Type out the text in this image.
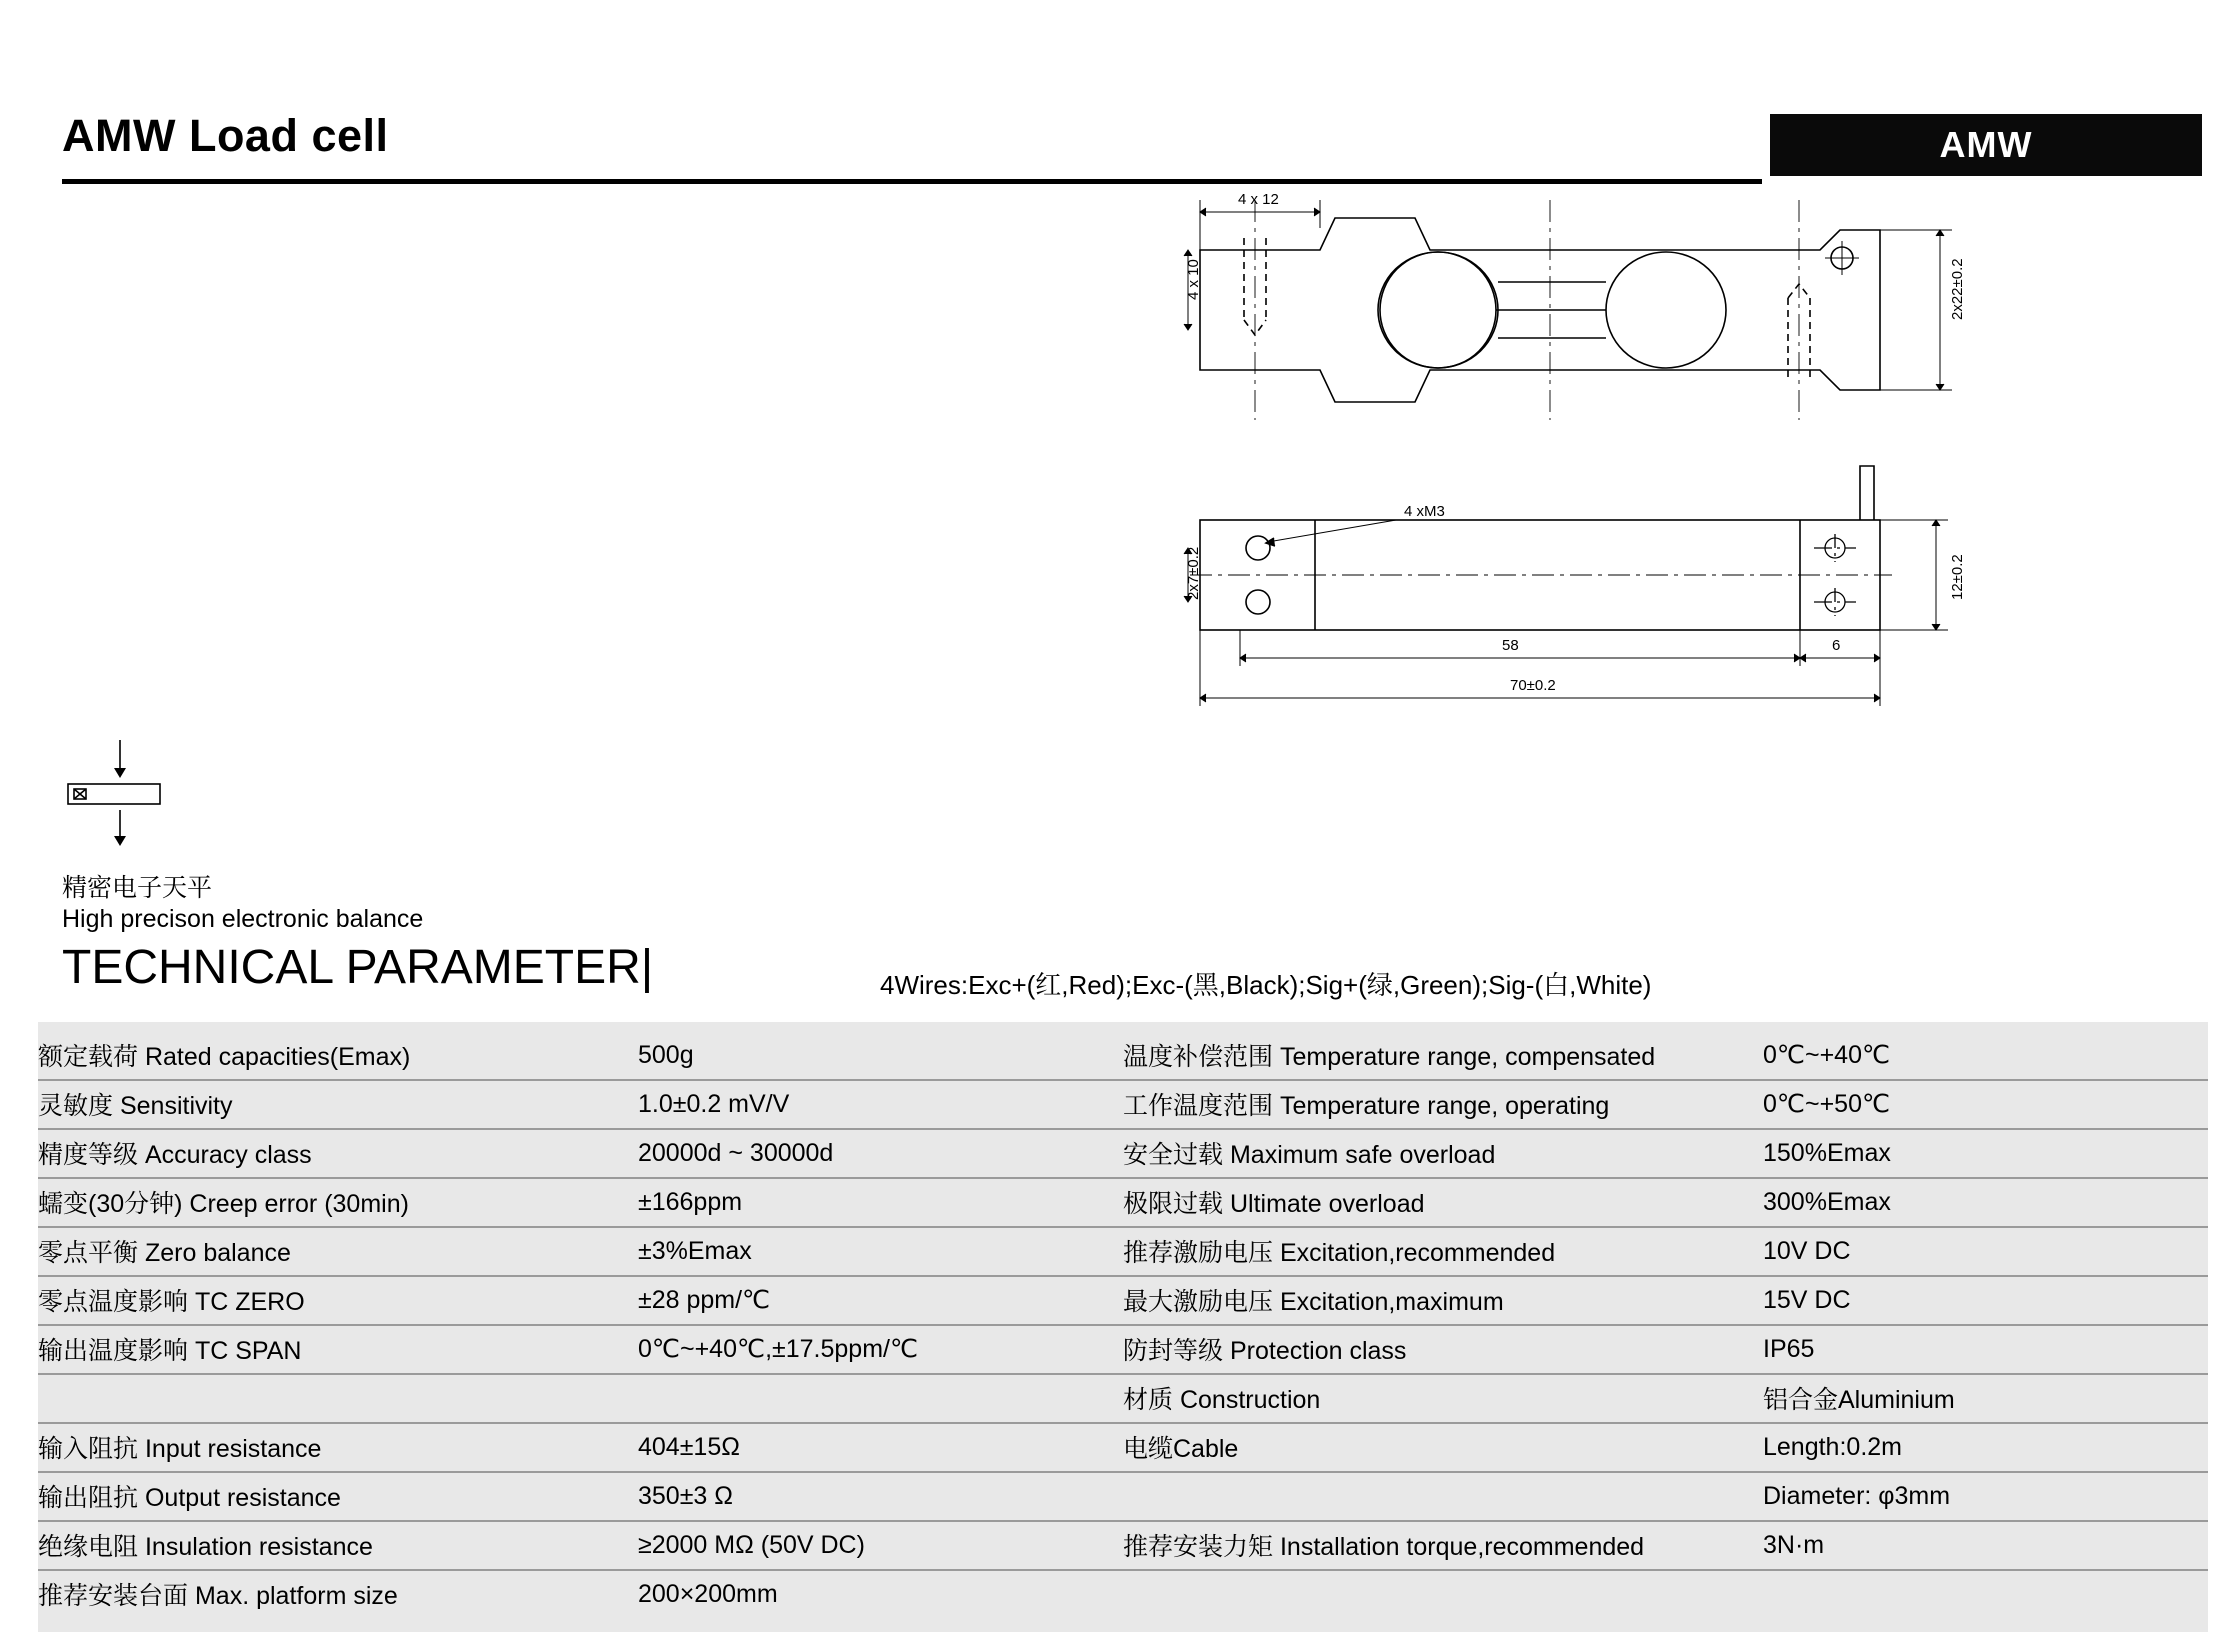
AMW Load cell	AMW
4 x 12
4 x 10	2x22±0.2
2x7±0.2	12±0.2
4 xM3
58	6
70±0.2
精密电子天平
High precison electronic balance
TECHNICAL PARAMETER|	4Wires:Exc+(红,Red);Exc-(黑,Black);Sig+(绿,Green);Sig-(白,White)
额定载荷 Rated capacities(Emax)	500g	温度补偿范围 Temperature range, compensated	0℃~+40℃
灵敏度 Sensitivity	1.0±0.2 mV/V	工作温度范围 Temperature range, operating	0℃~+50℃
精度等级 Accuracy class	20000d ~ 30000d	安全过载 Maximum safe overload	150%Emax
蠕变(30分钟) Creep error (30min)	±166ppm	极限过载 Ultimate overload	300%Emax
零点平衡 Zero balance	±3%Emax	推荐激励电压 Excitation,recommended	10V DC
零点温度影响 TC ZERO	±28 ppm/℃	最大激励电压 Excitation,maximum	15V DC
输出温度影响 TC SPAN	0℃~+40℃,±17.5ppm/℃	防封等级 Protection class	IP65
		材质 Construction	铝合金Aluminium
输入阻抗 Input resistance	404±15Ω	电缆Cable	Length:0.2m
输出阻抗 Output resistance	350±3 Ω		Diameter: φ3mm
绝缘电阻 Insulation resistance	≥2000 MΩ (50V DC)	推荐安装力矩 Installation torque,recommended	3N·m
推荐安装台面 Max. platform size	200×200mm		
